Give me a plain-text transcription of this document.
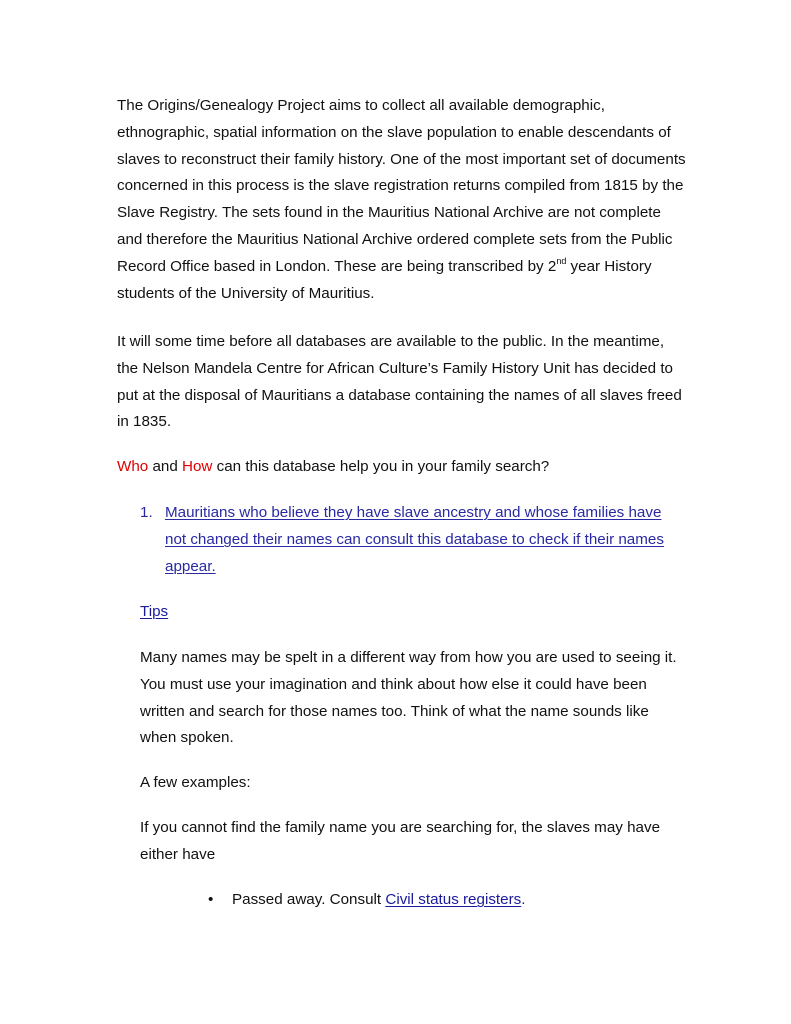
The Origins/Genealogy Project aims to collect all available demographic, ethnographic, spatial information on the slave population to enable descendants of slaves to reconstruct their family history. One of the most important set of documents concerned in this process is the slave registration returns compiled from 1815 by the Slave Registry. The sets found in the Mauritius National Archive are not complete and therefore the Mauritius National Archive ordered complete sets from the Public Record Office based in London. These are being transcribed by 2nd year History students of the University of Mauritius.

It will some time before all databases are available to the public. In the meantime, the Nelson Mandela Centre for African Culture’s Family History Unit has decided to put at the disposal of Mauritians a database containing the names of all slaves freed in 1835.

Who and How can this database help you in your family search?

1. Mauritians who believe they have slave ancestry and whose families have not changed their names can consult this database to check if their names appear.
Tips

Many names may be spelt in a different way from how you are used to seeing it. You must use your imagination and think about how else it could have been written and search for those names too. Think of what the name sounds like when spoken.

A few examples:

If you cannot find the family name you are searching for, the slaves may have either have

• Passed away. Consult Civil status registers.
